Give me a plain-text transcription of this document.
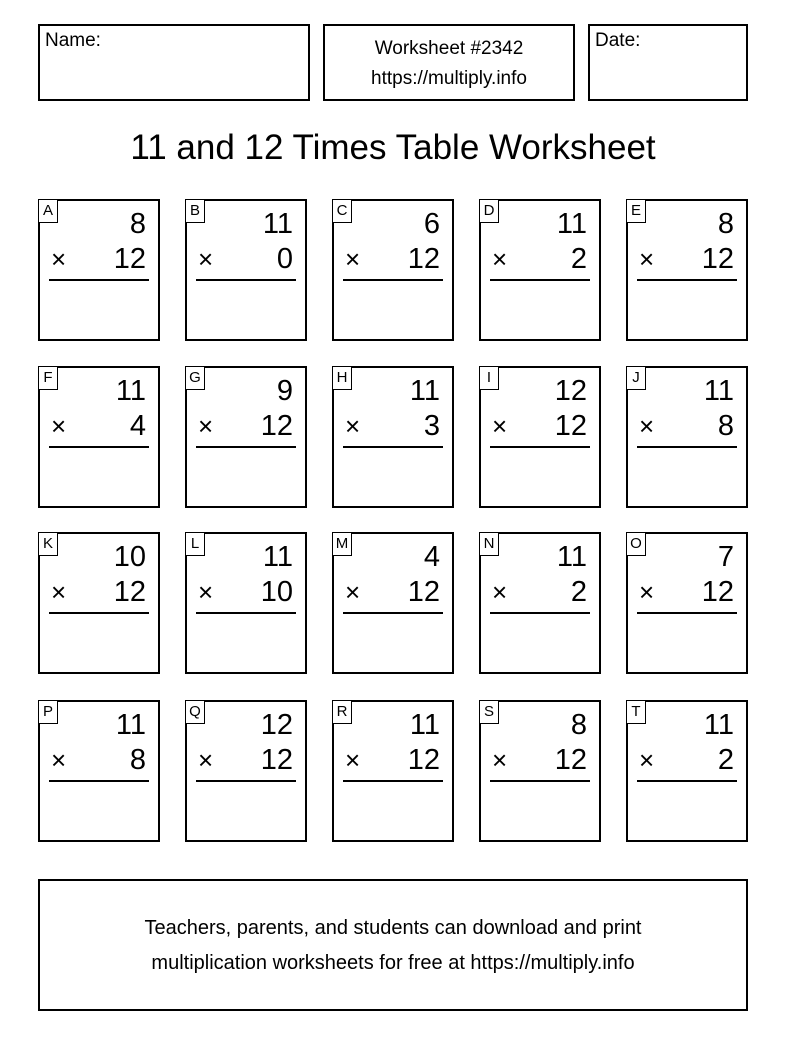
Name:	Worksheet #2342
https://multiply.info
Date:
11 and 12 Times Table Worksheet
A	8
× 12
B 11
× 0
C	6
× 12
D 11
× 2
E	8
× 12
F 11
× 4
G	9
× 12
H 11
× 3
I 12
× 12
J 11
× 8
K 10
× 12
L 11
× 10
M	4
× 12
N 11
× 2
O	7
× 12
P 11
× 8
Q 12
× 12
R 11
× 12
S	8
× 12
T 11
× 2
Teachers, parents, and students can download and print
multiplication worksheets for free at https://multiply.info
